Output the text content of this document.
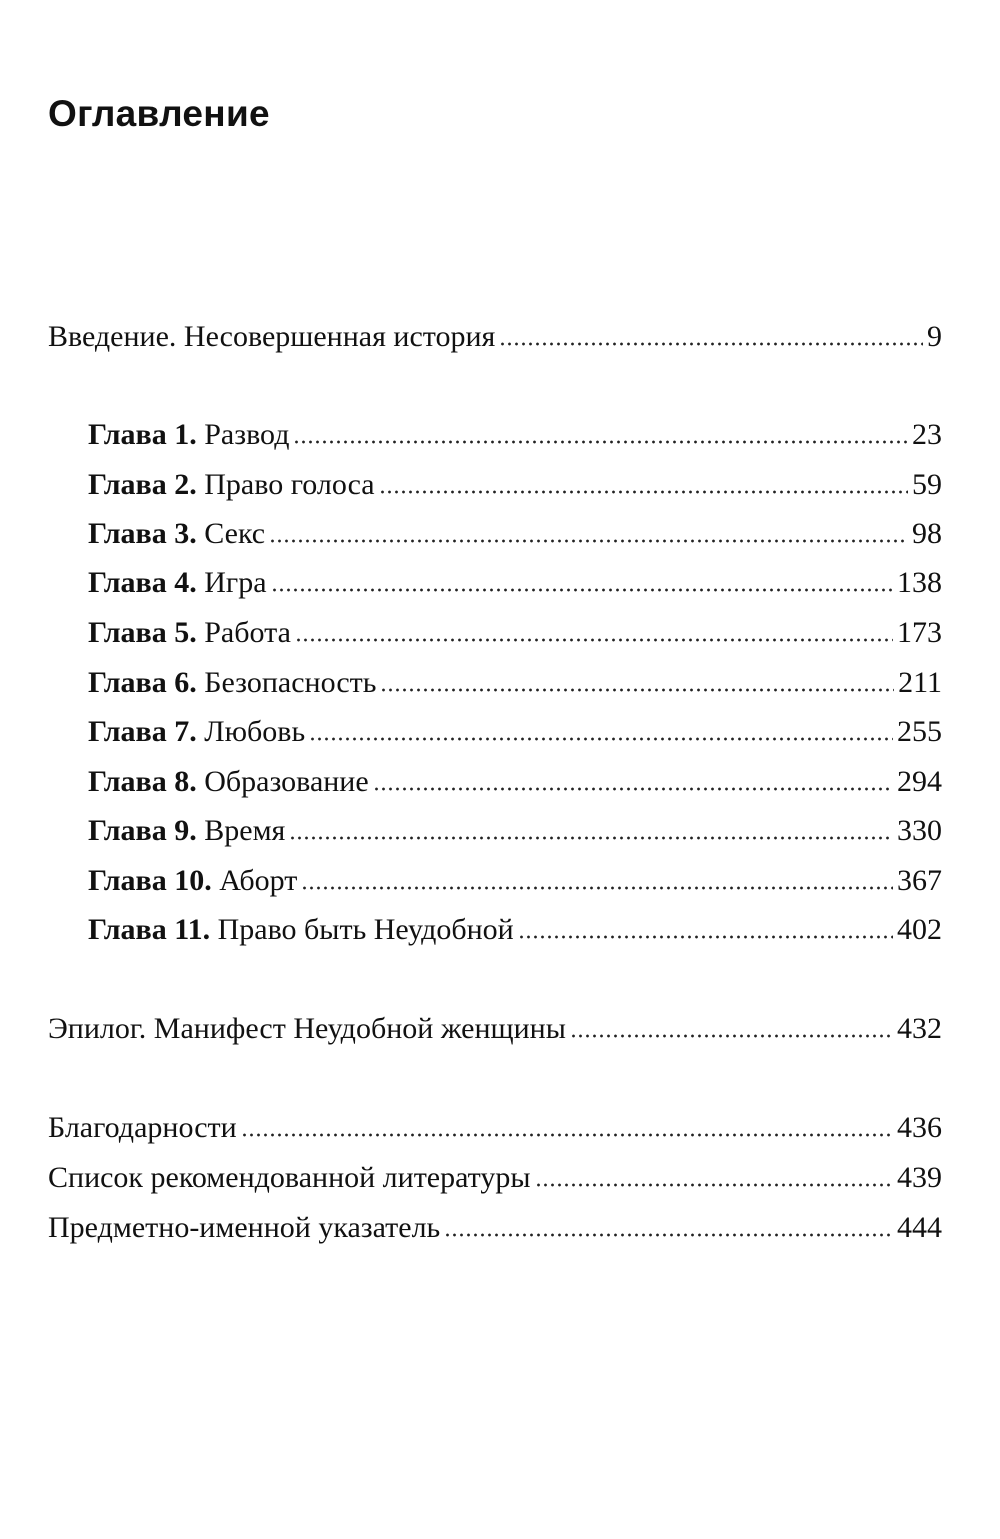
Оглавление
Введение. Несовершенная история	9
Глава 1. Развод	23
Глава 2. Право голоса	59
Глава 3. Секс	98
Глава 4. Игра	138
Глава 5. Работа	173
Глава 6. Безопасность	211
Глава 7. Любовь	255
Глава 8. Образование	294
Глава 9. Время	330
Глава 10. Аборт	367
Глава 11. Право быть Неудобной	402
Эпилог. Манифест Неудобной женщины	432
Благодарности	436
Список рекомендованной литературы	439
Предметно-именной указатель	444
